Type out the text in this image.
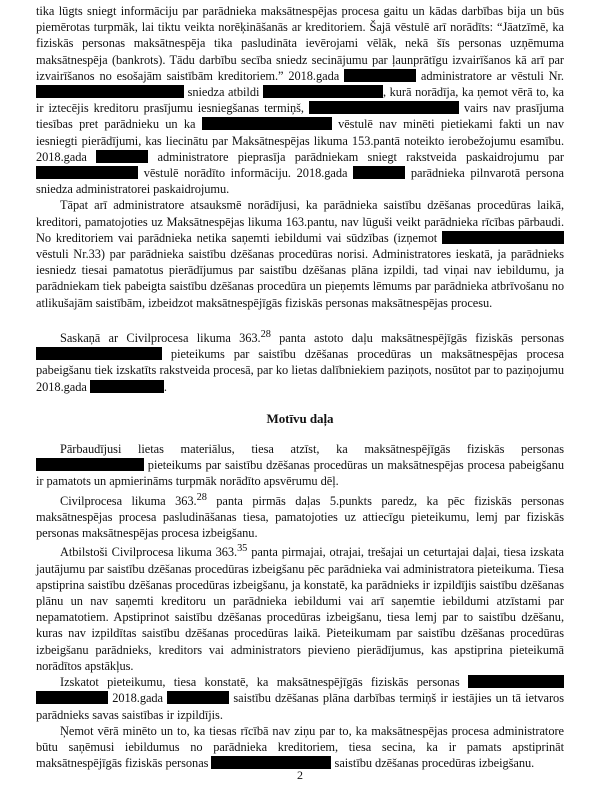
tika lūgts sniegt informāciju par parādnieka maksātnespējas procesa gaitu un kādas darbības bija un būs piemērotas turpmāk, lai tiktu veikta norēķināšanās ar kreditoriem. Šajā vēstulē arī norādīts: “Jāatzīmē, ka fiziskās personas maksātnespēja tika pasludināta ievērojami vēlāk, nekā šīs personas uzņēmuma maksātnespēja (bankrots). Tādu darbību secība sniedz secinājumu par ļaunprātīgu izvairīšanos kā arī par izvairīšanos no esošajām saistībām kreditoriem.” 2018.gada	administratore ar vēstuli Nr.  sniedza atbildi	, kurā norādīja, ka ņemot vērā to, ka ir iztecējis kreditoru prasījumu iesniegšanas termiņš,	vairs nav prasījuma tiesības pret parādnieku un ka	vēstulē nav minēti pietiekami fakti un nav iesniegti pierādījumi, kas liecinātu par Maksātnespējas likuma 153.pantā noteikto ierobežojumu esamību. 2018.gada	administratore pieprasīja parādniekam sniegt rakstveida paskaidrojumu par  vēstulē norādīto informāciju. 2018.gada	parādnieka pilnvarotā persona sniedza administratorei paskaidrojumu.

Tāpat arī administratore atsauksmē norādījusi, ka parādnieka saistību dzēšanas procedūras laikā, kreditori, pamatojoties uz Maksātnespējas likuma 163.pantu, nav lūguši veikt parādnieka rīcības pārbaudi. No kreditoriem vai parādnieka netika saņemti iebildumi vai sūdzības (izņemot  vēstuli Nr.33) par parādnieka saistību dzēšanas procedūras norisi. Administratores ieskatā, ja parādnieks iesniedz tiesai pamatotus pierādījumus par saistību dzēšanas plāna izpildi, tad viņai nav iebildumu, ja parādniekam tiek pabeigta saistību dzēšanas procedūra un pieņemts lēmums par parādnieka atbrīvošanu no atlikušajām saistībām, izbeidzot maksātnespējīgās fiziskās personas maksātnespējas procesu.

Saskaņā ar Civilprocesa likuma 363.28 panta astoto daļu maksātnespējīgās fiziskās personas  pieteikums par saistību dzēšanas procedūras un maksātnespējas procesa pabeigšanu tiek izskatīts rakstveida procesā, par ko lietas dalībniekiem paziņots, nosūtot par to paziņojumu 2018.gada	.

Motīvu daļa

Pārbaudījusi lietas materiālus, tiesa atzīst, ka maksātnespējīgās fiziskās personas  pieteikums par saistību dzēšanas procedūras un maksātnespējas procesa pabeigšanu ir pamatots un apmierināms turpmāk norādīto apsvērumu dēļ.

Civilprocesa likuma 363.28 panta pirmās daļas 5.punkts paredz, ka pēc fiziskās personas maksātnespējas procesa pasludināšanas tiesa, pamatojoties uz attiecīgu pieteikumu, lemj par fiziskās personas maksātnespējas procesa izbeigšanu.

Atbilstoši Civilprocesa likuma 363.35 panta pirmajai, otrajai, trešajai un ceturtajai daļai, tiesa izskata jautājumu par saistību dzēšanas procedūras izbeigšanu pēc parādnieka vai administratora pieteikuma. Tiesa apstiprina saistību dzēšanas procedūras izbeigšanu, ja konstatē, ka parādnieks ir izpildījis saistību dzēšanas plānu un nav saņemti kreditoru un parādnieka iebildumi vai arī saņemtie iebildumi atzīstami par nepamatotiem. Apstiprinot saistību dzēšanas procedūras izbeigšanu, tiesa lemj par to saistību dzēšanu, kuras nav izpildītas saistību dzēšanas procedūras laikā. Pieteikumam par saistību dzēšanas procedūras izbeigšanu parādnieks, kreditors vai administrators pievieno pierādījumus, kas apstiprina pieteikumā norādītos apstākļus.

Izskatot pieteikumu, tiesa konstatē, ka maksātnespējīgās fiziskās personas   2018.gada	saistību dzēšanas plāna darbības termiņš ir iestājies un tā ietvaros parādnieks savas saistības ir izpildījis.

Ņemot vērā minēto un to, ka tiesas rīcībā nav ziņu par to, ka maksātnespējas procesa administratore būtu saņēmusi iebildumus no parādnieka kreditoriem, tiesa secina, ka ir pamats apstiprināt maksātnespējīgās fiziskās personas	saistību dzēšanas procedūras izbeigšanu.

2
